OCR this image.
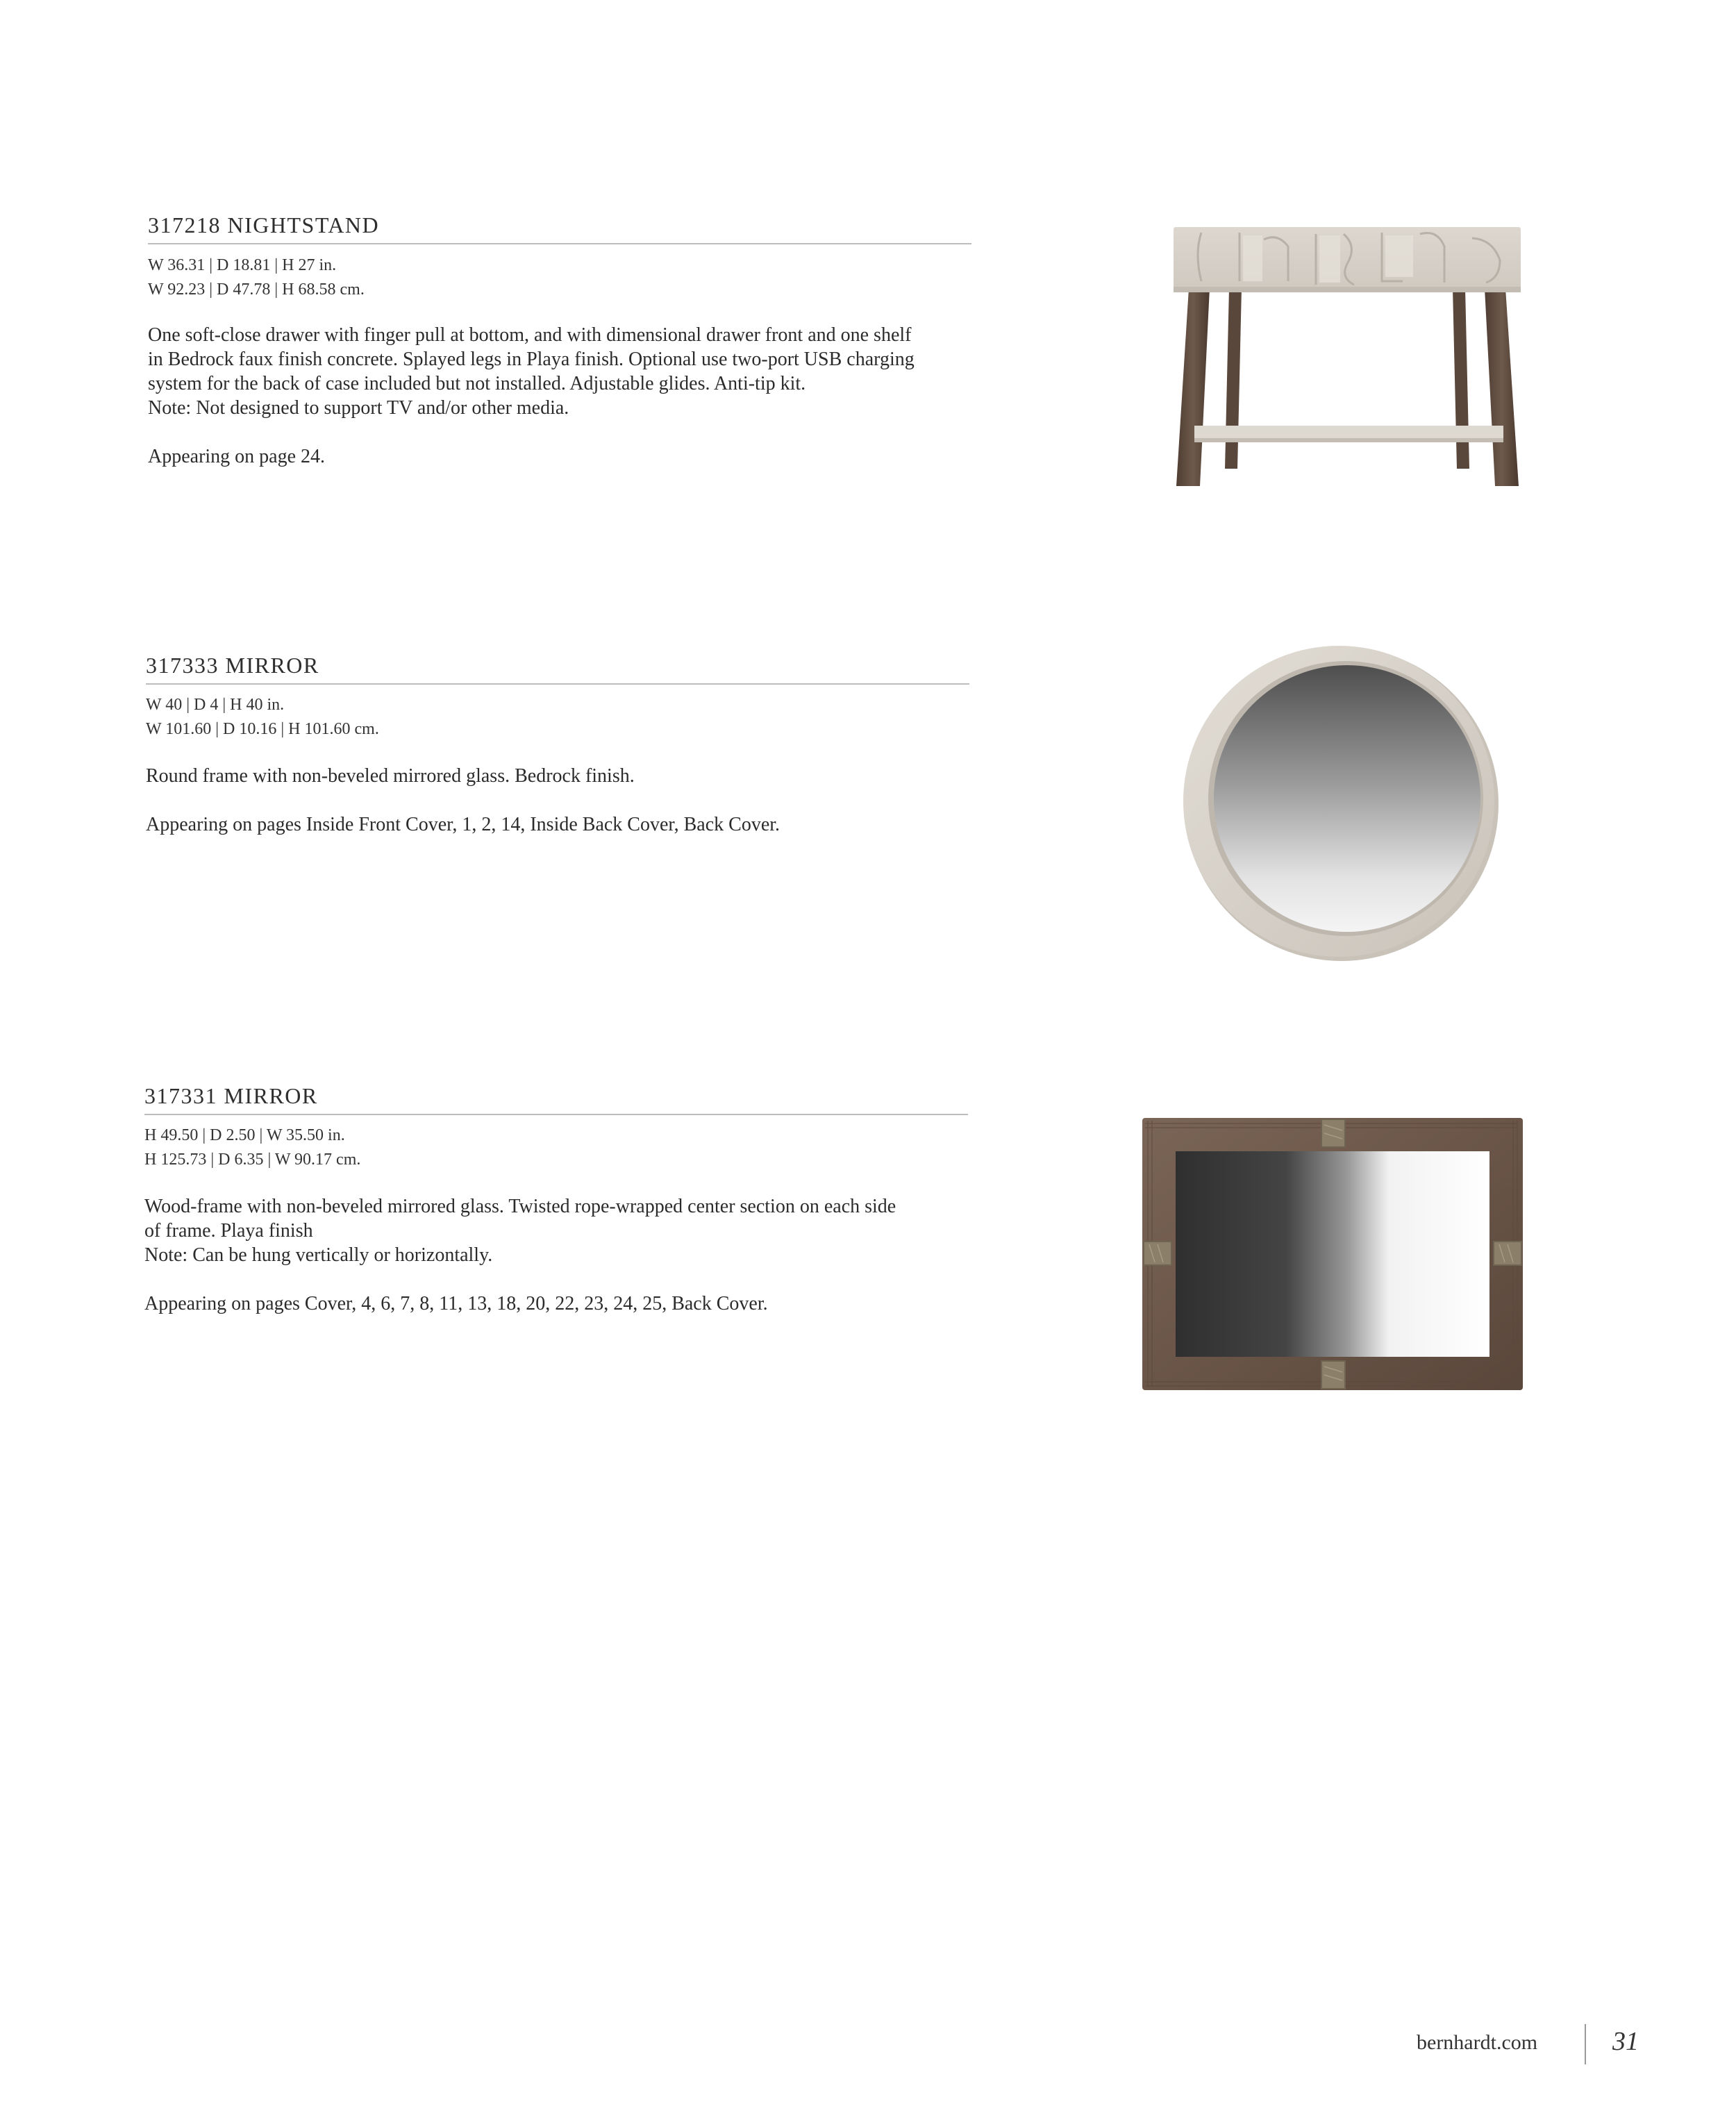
317218 NIGHTSTAND
W 36.31 | D 18.81 | H 27 in.
W 92.23 | D 47.78 | H 68.58 cm.
One soft-close drawer with finger pull at bottom, and with dimensional drawer front and one shelf
in Bedrock faux finish concrete. Splayed legs in Playa finish. Optional use two-port USB charging
system for the back of case included but not installed. Adjustable glides. Anti-tip kit.
Note: Not designed to support TV and/or other media.
Appearing on page 24.
317333 MIRROR
W 40 | D 4 | H 40 in.
W 101.60 | D 10.16 | H 101.60 cm.
Round frame with non-beveled mirrored glass. Bedrock finish.
Appearing on pages Inside Front Cover, 1, 2, 14, Inside Back Cover, Back Cover.
317331 MIRROR
H 49.50 | D 2.50 | W 35.50 in.
H 125.73 | D 6.35 | W 90.17 cm.
Wood-frame with non-beveled mirrored glass. Twisted rope-wrapped center section on each side
of frame. Playa finish
Note: Can be hung vertically or horizontally.
Appearing on pages Cover, 4, 6, 7, 8, 11, 13, 18, 20, 22, 23, 24, 25, Back Cover.
bernhardt.com	31
